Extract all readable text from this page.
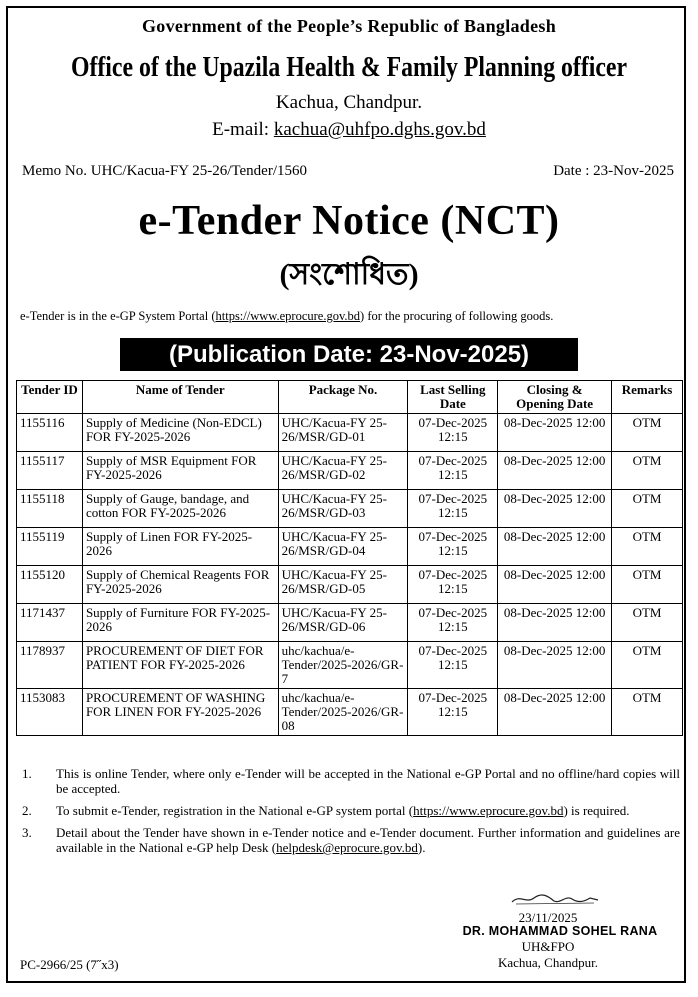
Government of the People’s Republic of Bangladesh
Office of the Upazila Health & Family Planning officer
Kachua, Chandpur.
E-mail: kachua@uhfpo.dghs.gov.bd
Memo No. UHC/Kacua-FY 25-26/Tender/1560	Date : 23-Nov-2025
e-Tender Notice (NCT)
(সংশোধিত)
e-Tender is in the e-GP System Portal (https://www.eprocure.gov.bd) for the procuring of following goods.
(Publication Date: 23-Nov-2025)
Tender ID	Name of Tender	Package No.	Last Selling Date	Closing & Opening Date	Remarks
1155116	Supply of Medicine (Non-EDCL) FOR FY-2025-2026	UHC/Kacua-FY 25-26/MSR/GD-01	07-Dec-2025 12:15	08-Dec-2025 12:00	OTM
1155117	Supply of MSR Equipment FOR FY-2025-2026	UHC/Kacua-FY 25-26/MSR/GD-02	07-Dec-2025 12:15	08-Dec-2025 12:00	OTM
1155118	Supply of Gauge, bandage, and cotton FOR FY-2025-2026	UHC/Kacua-FY 25-26/MSR/GD-03	07-Dec-2025 12:15	08-Dec-2025 12:00	OTM
1155119	Supply of Linen FOR FY-2025-2026	UHC/Kacua-FY 25-26/MSR/GD-04	07-Dec-2025 12:15	08-Dec-2025 12:00	OTM
1155120	Supply of Chemical Reagents FOR FY-2025-2026	UHC/Kacua-FY 25-26/MSR/GD-05	07-Dec-2025 12:15	08-Dec-2025 12:00	OTM
1171437	Supply of Furniture FOR FY-2025-2026	UHC/Kacua-FY 25-26/MSR/GD-06	07-Dec-2025 12:15	08-Dec-2025 12:00	OTM
1178937	PROCUREMENT OF DIET FOR PATIENT FOR FY-2025-2026	uhc/kachua/e-Tender/2025-2026/GR-7	07-Dec-2025 12:15	08-Dec-2025 12:00	OTM
1153083	PROCUREMENT OF WASHING FOR LINEN FOR FY-2025-2026	uhc/kachua/e-Tender/2025-2026/GR-08	07-Dec-2025 12:15	08-Dec-2025 12:00	OTM
1. This is online Tender, where only e-Tender will be accepted in the National e-GP Portal and no offline/hard copies will be accepted.
2. To submit e-Tender, registration in the National e-GP system portal (https://www.eprocure.gov.bd) is required.
3. Detail about the Tender have shown in e-Tender notice and e-Tender document. Further information and guidelines are available in the National e-GP help Desk (helpdesk@eprocure.gov.bd).
23/11/2025
DR. MOHAMMAD SOHEL RANA
UH&FPO
Kachua, Chandpur.
PC-2966/25 (7˝x3)
